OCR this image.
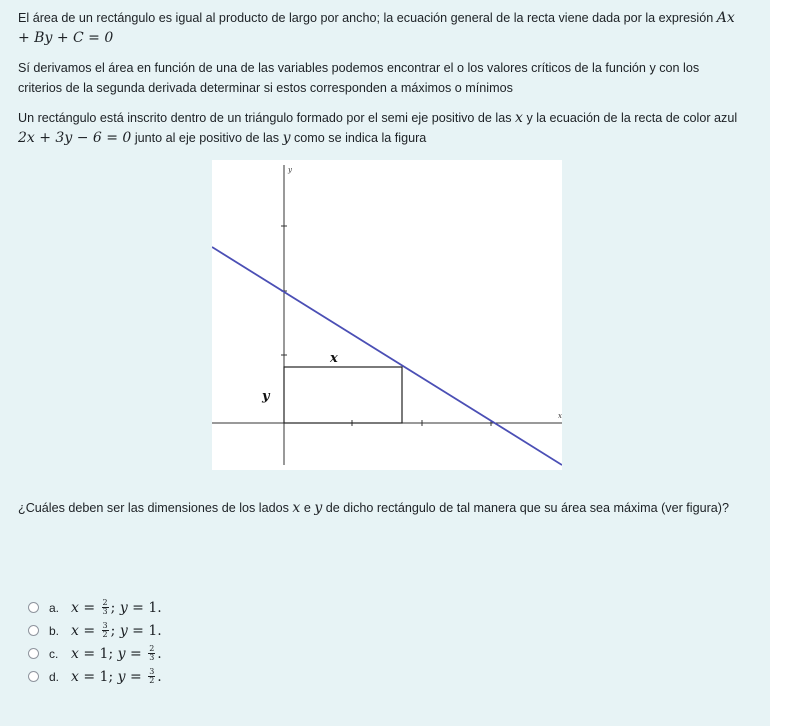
El área de un rectángulo es igual al producto de largo por ancho; la ecuación general de la recta viene dada por la expresión Ax + By + C = 0

Sí derivamos el área en función de una de las variables podemos encontrar el o los valores críticos de la función y con los criterios de la segunda derivada determinar si estos corresponden a máximos o mínimos

Un rectángulo está inscrito dentro de un triángulo formado por el semi eje positivo de las x y la ecuación de la recta de color azul 2x + 3y − 6 = 0 junto al eje positivo de las y como se indica la figura

x
y
x
y

¿Cuáles deben ser las dimensiones de los lados x e y de dicho rectángulo de tal manera que su área sea máxima (ver figura)?

a. $x = \frac{2}{3}$ ; y = 1 .
b. $x = \frac{3}{2}$ ; y = 1 .
c. x = 1 ; $y = \frac{2}{3}$ .
d. x = 1 ; $y = \frac{3}{2}$ .
